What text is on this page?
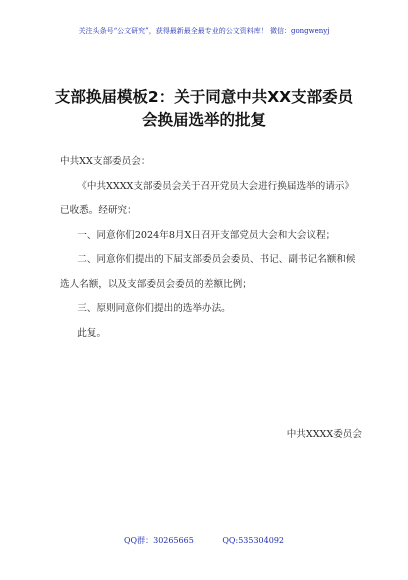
关注头条号“公文研究”，获得最新最全最专业的公文资料库！ 微信：gongwenyj
支部换届模板2：关于同意中共XX支部委员会换届选举的批复

中共XX支部委员会：

《中共XXXX支部委员会关于召开党员大会进行换届选举的请示》已收悉。经研究：

一、同意你们2024年8月X日召开支部党员大会和大会议程；

二、同意你们提出的下届支部委员会委员、书记、副书记名额和候选人名额，以及支部委员会委员的差额比例；

三、原则同意你们提出的选举办法。

此复。

中共XXXX委员会
QQ群：30265665	QQ:535304092
